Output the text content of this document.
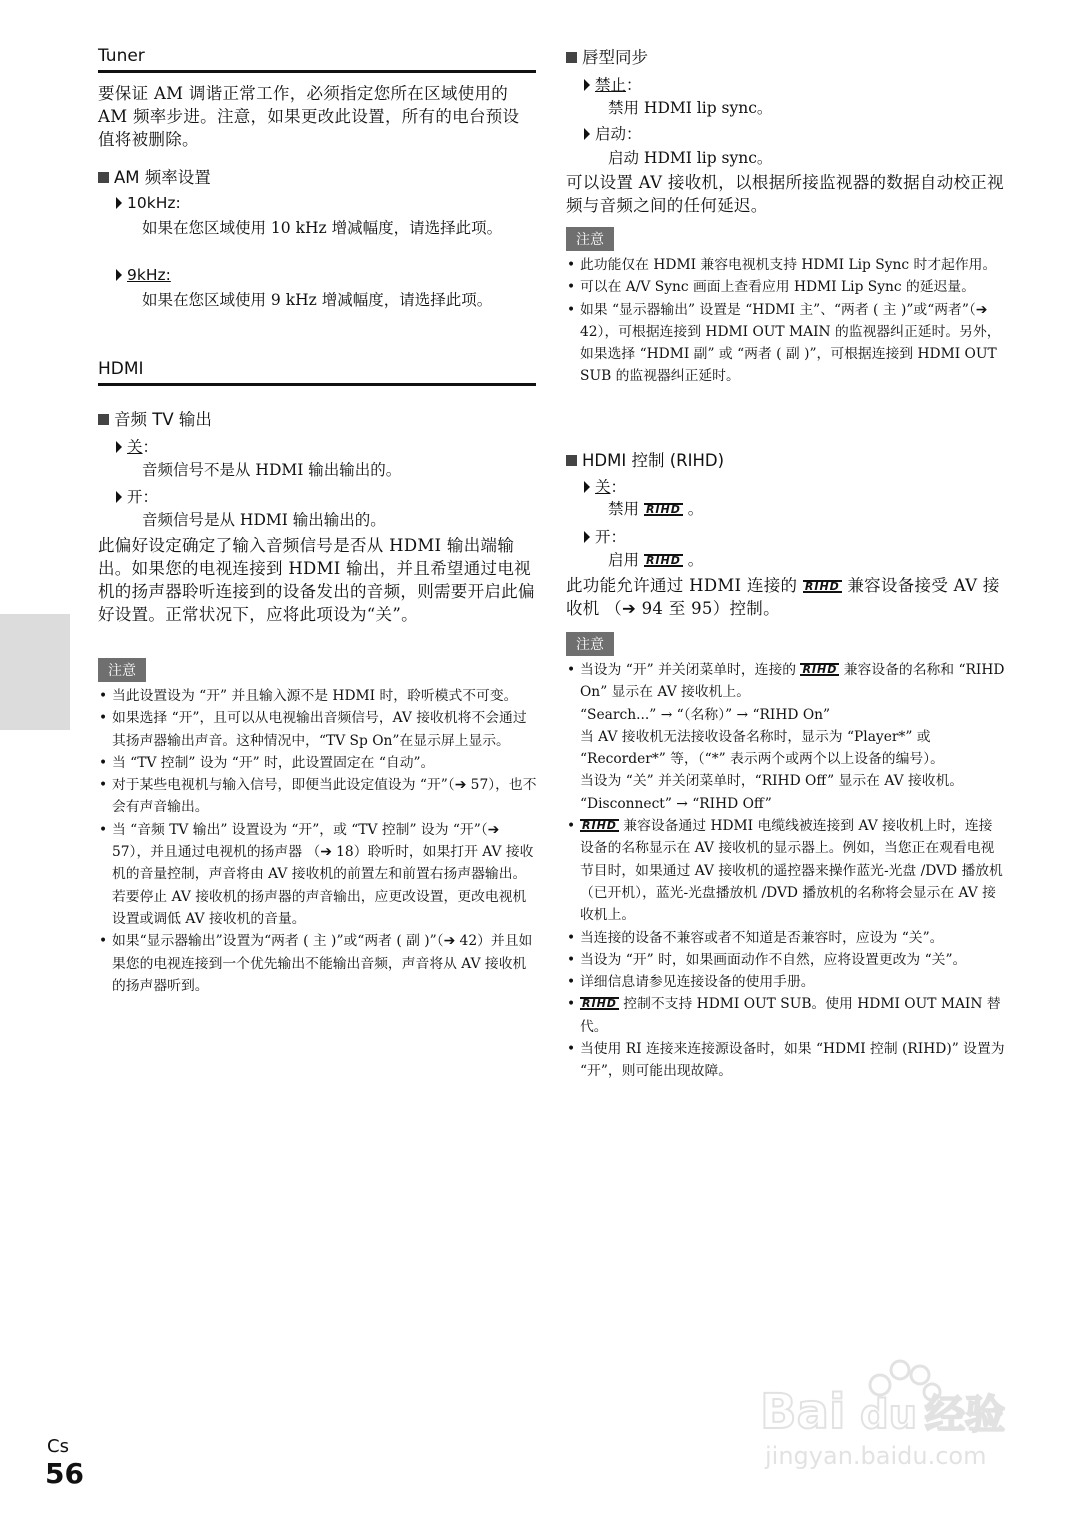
Tuner
要保证 AM 调谐正常工作，必须指定您所在区域使用的 AM 频率步进。注意，如果更改此设置，所有的电台预设值将被删除。
AM 频率设置
10kHz:
如果在您区域使用 10 kHz 增减幅度，请选择此项。
9kHz:
如果在您区域使用 9 kHz 增减幅度，请选择此项。
HDMI
音频 TV 输出
关：
音频信号不是从 HDMI 输出输出的。
开：
音频信号是从 HDMI 输出输出的。
此偏好设定确定了输入音频信号是否从 HDMI 输出端输出。如果您的电视连接到 HDMI 输出，并且希望通过电视机的扬声器聆听连接到的设备发出的音频，则需要开启此偏好设置。正常状况下，应将此项设为“关”。
注意
• 当此设置设为 “开” 并且输入源不是 HDMI 时，聆听模式不可变。
• 如果选择 “开”，且可以从电视输出音频信号，AV 接收机将不会通过其扬声器输出声音。这种情况中，“TV Sp On”在显示屏上显示。
• 当 “TV 控制” 设为 “开” 时，此设置固定在 “自动”。
• 对于某些电视机与输入信号，即便当此设定值设为 “开”（➔ 57），也不会有声音输出。
• 当 “音频 TV 输出” 设置设为 “开”，或 “TV 控制” 设为 “开”（➔ 57），并且通过电视机的扬声器 （➔ 18）聆听时，如果打开 AV 接收机的音量控制，声音将由 AV 接收机的前置左和前置右扬声器输出。若要停止 AV 接收机的扬声器的声音输出，应更改设置，更改电视机设置或调低 AV 接收机的音量。
• 如果“显示器输出”设置为“两者 ( 主 )”或“两者 ( 副 )”（➔ 42）并且如果您的电视连接到一个优先输出不能输出音频，声音将从 AV 接收机的扬声器听到。
唇型同步
禁止：
禁用 HDMI lip sync。
启动：
启动 HDMI lip sync。
可以设置 AV 接收机，以根据所接监视器的数据自动校正视频与音频之间的任何延迟。
注意
• 此功能仅在 HDMI 兼容电视机支持 HDMI Lip Sync 时才起作用。
• 可以在 A/V Sync 画面上查看应用 HDMI Lip Sync 的延迟量。
• 如果 “显示器输出” 设置是 “HDMI 主”、“两者 ( 主 )”或“两者”（➔ 42），可根据连接到 HDMI OUT MAIN 的监视器纠正延时。另外，如果选择 “HDMI 副” 或 “两者 ( 副 )”，可根据连接到 HDMI OUT SUB 的监视器纠正延时。
HDMI 控制 (RIHD)
关：
禁用 RIHD 。
开：
启用 RIHD 。
此功能允许通过 HDMI 连接的 RIHD 兼容设备接受 AV 接收机 （➔ 94 至 95）控制。
注意
• 当设为 “开” 并关闭菜单时，连接的 RIHD 兼容设备的名称和 “RIHD On” 显示在 AV 接收机上。
“Search...” → “（名称）” → “RIHD On”
当 AV 接收机无法接收设备名称时，显示为 “Player*” 或 “Recorder*” 等，（“*” 表示两个或两个以上设备的编号）。
当设为 “关” 并关闭菜单时，“RIHD Off” 显示在 AV 接收机。
“Disconnect” → “RIHD Off”
• RIHD 兼容设备通过 HDMI 电缆线被连接到 AV 接收机上时，连接设备的名称显示在 AV 接收机的显示器上。例如，当您正在观看电视节目时，如果通过 AV 接收机的遥控器来操作蓝光-光盘 /DVD 播放机 （已开机），蓝光-光盘播放机 /DVD 播放机的名称将会显示在 AV 接收机上。
• 当连接的设备不兼容或者不知道是否兼容时，应设为 “关”。
• 当设为 “开” 时，如果画面动作不自然，应将设置更改为 “关”。
• 详细信息请参见连接设备的使用手册。
• RIHD 控制不支持 HDMI OUT SUB。使用 HDMI OUT MAIN 替代。
• 当使用 RI 连接来连接源设备时，如果 “HDMI 控制 (RIHD)” 设置为 “开”，则可能出现故障。
Cs
56
Bai du 经验
jingyan.baidu.com
